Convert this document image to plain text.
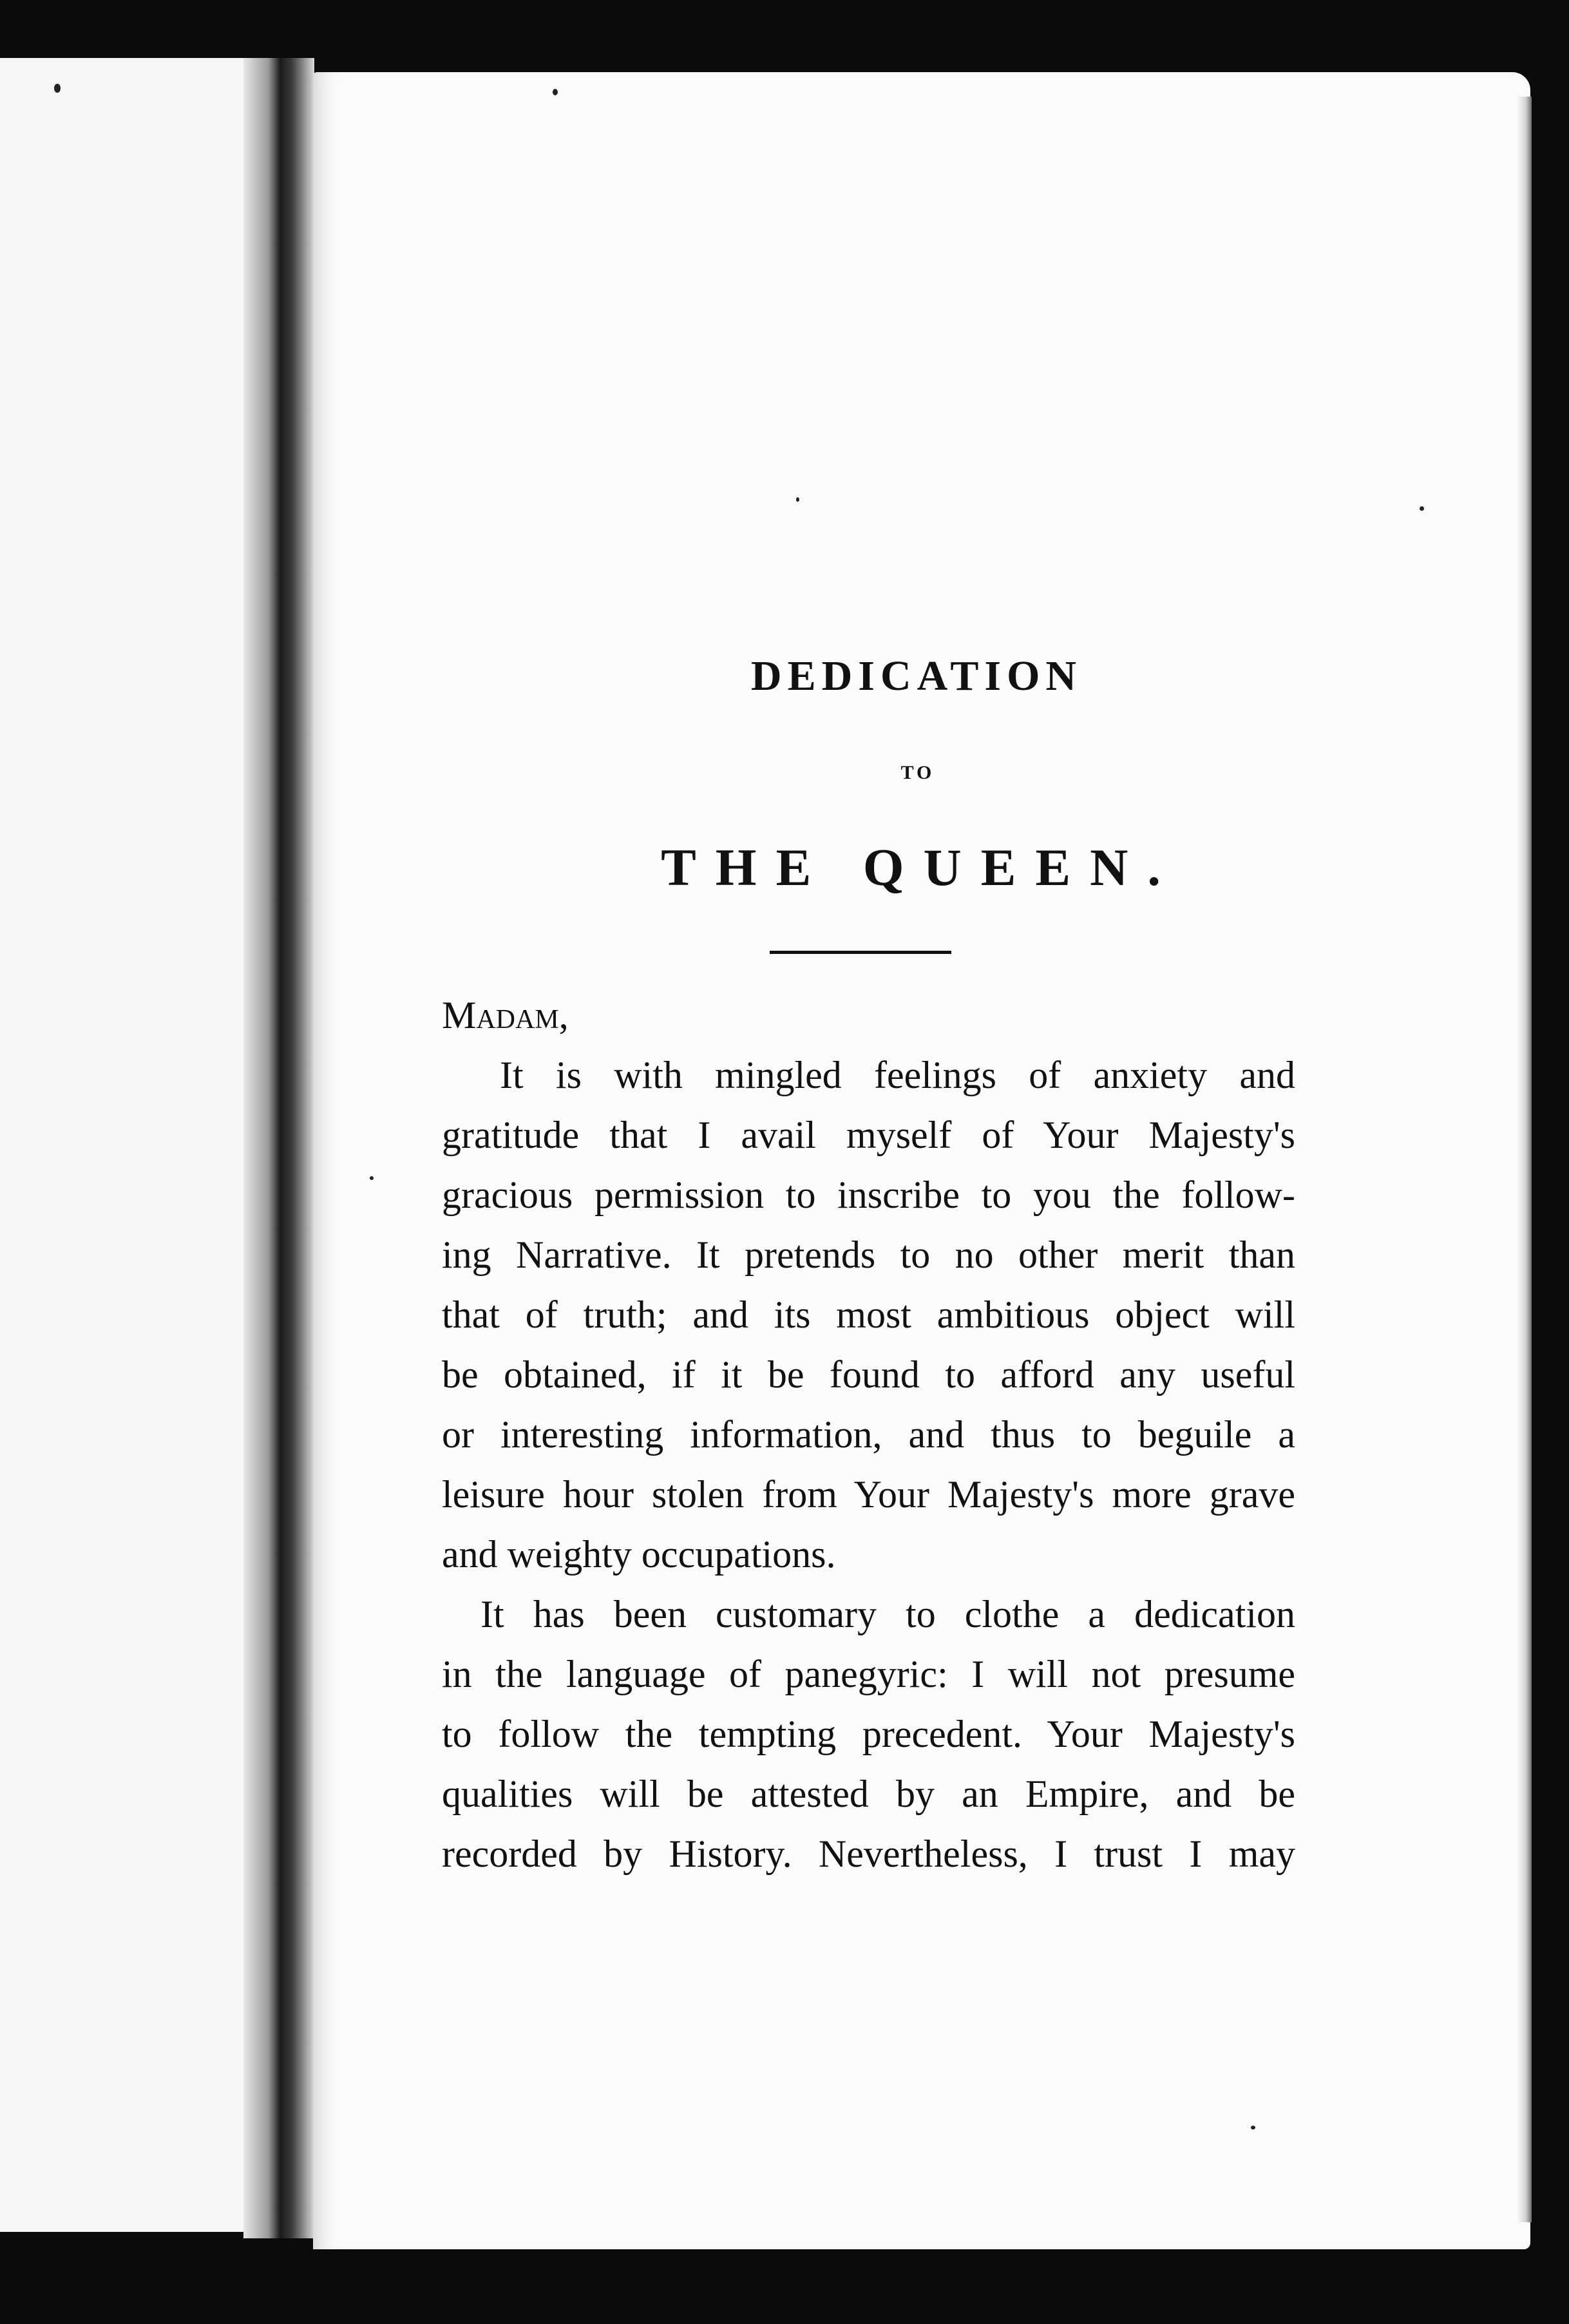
DEDICATION
TO
THE QUEEN.

Madam,

It is with mingled feelings of anxiety and
gratitude that I avail myself of Your Majesty's
gracious permission to inscribe to you the follow-
ing Narrative. It pretends to no other merit than
that of truth; and its most ambitious object will
be obtained, if it be found to afford any useful
or interesting information, and thus to beguile a
leisure hour stolen from Your Majesty's more grave
and weighty occupations.
It has been customary to clothe a dedication
in the language of panegyric: I will not presume
to follow the tempting precedent. Your Majesty's
qualities will be attested by an Empire, and be
recorded by History. Nevertheless, I trust I may
